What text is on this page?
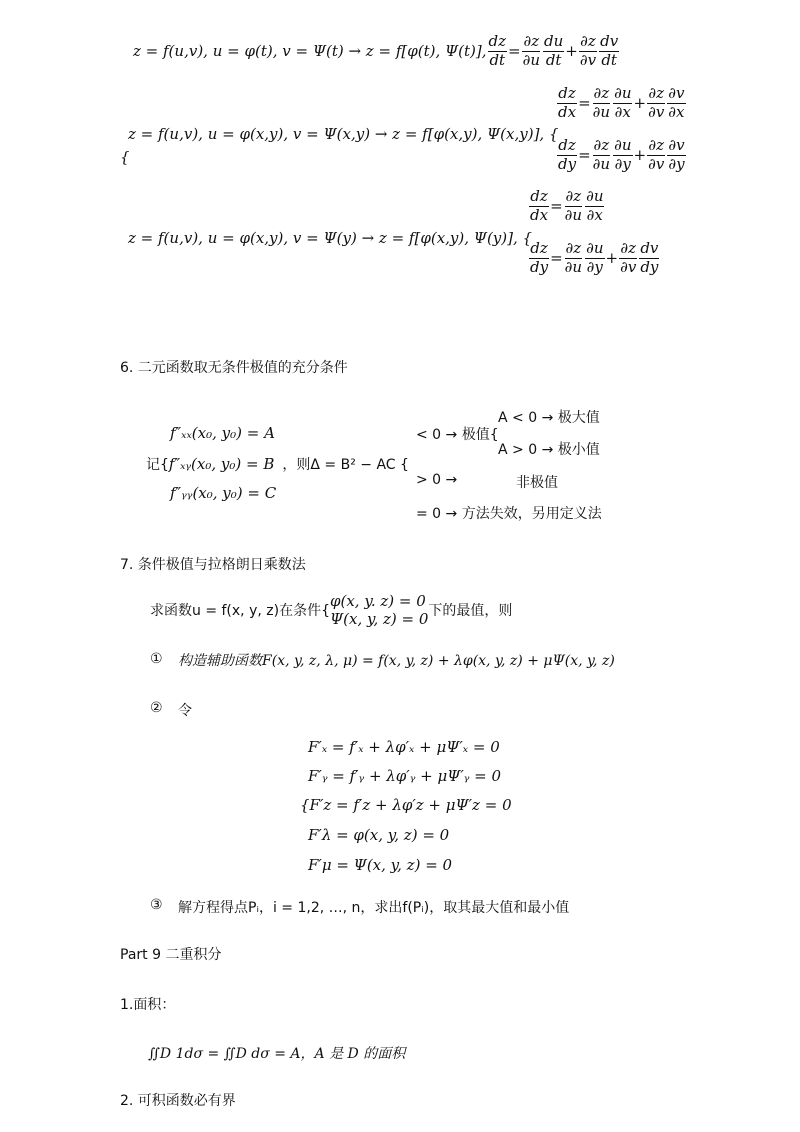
z = f(u,v), u = φ(t), v = Ψ(t) → z = f[φ(t), Ψ(t)], $\frac{dz}{dt} = \frac{\partial z}{\partial u} \frac{du}{dt} + \frac{\partial z}{\partial v} \frac{dv}{dt}$
z = f(u,v), u = φ(x,y), v = Ψ(x,y) → z = f[φ(x,y), Ψ(x,y)], {
{
$\frac{dz}{dx} = \frac{\partial z}{\partial u} \frac{\partial u}{\partial x} + \frac{\partial z}{\partial v} \frac{\partial v}{\partial x}$
$\frac{dz}{dy} = \frac{\partial z}{\partial u} \frac{\partial u}{\partial y} + \frac{\partial z}{\partial v} \frac{\partial v}{\partial y}$
z = f(u,v), u = φ(x,y), v = Ψ(y) → z = f[φ(x,y), Ψ(y)], {
$\frac{dz}{dx} = \frac{\partial z}{\partial u} \frac{\partial u}{\partial x}$
$\frac{dz}{dy} = \frac{\partial z}{\partial u} \frac{\partial u}{\partial y} + \frac{\partial z}{\partial v} \frac{dv}{dy}$
6. 二元函数取无条件极值的充分条件
f″ₓₓ(x₀, y₀) = A
记{ f″ₓᵧ(x₀, y₀) = B ，则Δ = B² − AC {
f″ᵧᵧ(x₀, y₀) = C
< 0 → 极值{
A < 0 → 极大值
A > 0 → 极小值
> 0 →	非极值
= 0 → 方法失效，另用定义法
7. 条件极值与拉格朗日乘数法
求函数u = f(x, y, z)在条件{
φ(x, y. z) = 0
Ψ(x, y, z) = 0 下的最值，则
① 构造辅助函数F(x, y, z, λ, μ) = f(x, y, z) + λφ(x, y, z) + μΨ(x, y, z)
② 令
F′ₓ = f′ₓ + λφ′ₓ + μΨ′ₓ = 0
F′ᵧ = f′ᵧ + λφ′ᵧ + μΨ′ᵧ = 0
{F′z = f′z + λφ′z + μΨ′z = 0
F′λ = φ(x, y, z) = 0
F′μ = Ψ(x, y, z) = 0
③ 解方程得点Pᵢ，i = 1,2, …, n，求出f(Pᵢ)，取其最大值和最小值
Part 9 二重积分
1.面积：
∬D 1dσ = ∬D dσ = A，A 是 D 的面积
2. 可积函数必有界
